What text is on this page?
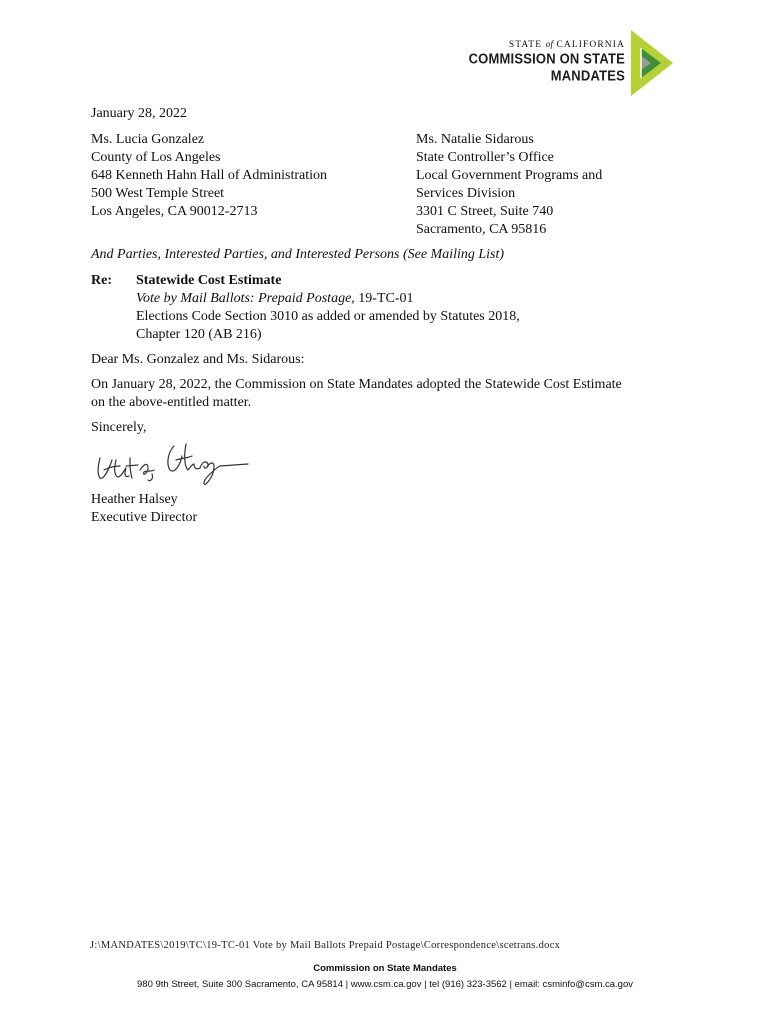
STATE of CALIFORNIA
COMMISSION ON STATE
MANDATES
January 28, 2022
Ms. Lucia Gonzalez
County of Los Angeles
648 Kenneth Hahn Hall of Administration
500 West Temple Street
Los Angeles, CA 90012-2713
Ms. Natalie Sidarous
State Controller’s Office
Local Government Programs and
Services Division
3301 C Street, Suite 740
Sacramento, CA 95816
And Parties, Interested Parties, and Interested Persons (See Mailing List)
Re: Statewide Cost Estimate
Vote by Mail Ballots: Prepaid Postage, 19-TC-01
Elections Code Section 3010 as added or amended by Statutes 2018,
Chapter 120 (AB 216)
Dear Ms. Gonzalez and Ms. Sidarous:
On January 28, 2022, the Commission on State Mandates adopted the Statewide Cost Estimate
on the above-entitled matter.
Sincerely,
Heather Halsey
Executive Director
J:\MANDATES\2019\TC\19-TC-01 Vote by Mail Ballots Prepaid Postage\Correspondence\scetrans.docx
Commission on State Mandates
980 9th Street, Suite 300 Sacramento, CA 95814 | www.csm.ca.gov | tel (916) 323-3562 | email: csminfo@csm.ca.gov
